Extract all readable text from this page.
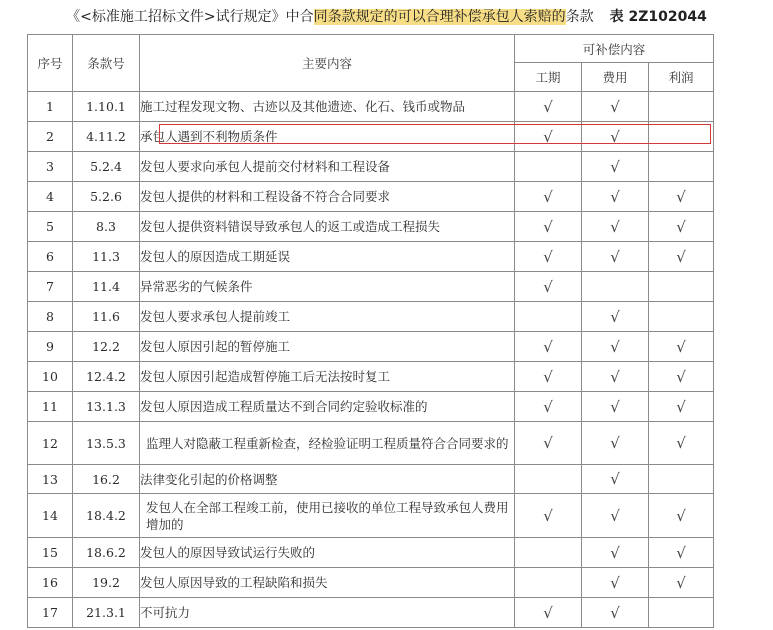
《<标准施工招标文件>试行规定》中合同条款规定的可以合理补偿承包人索赔的条款 表 2Z102044
序号	条款号	主要内容	可补偿内容		
			工期	费用	利润
1	1.10.1	施工过程发现文物、古迹以及其他遗迹、化石、钱币或物品	√	√	
2	4.11.2	承包人遇到不利物质条件	√	√	
3	5.2.4	发包人要求向承包人提前交付材料和工程设备		√	
4	5.2.6	发包人提供的材料和工程设备不符合合同要求	√	√	√
5	8.3	发包人提供资料错误导致承包人的返工或造成工程损失	√	√	√
6	11.3	发包人的原因造成工期延误	√	√	√
7	11.4	异常恶劣的气候条件	√		
8	11.6	发包人要求承包人提前竣工		√	
9	12.2	发包人原因引起的暂停施工	√	√	√
10	12.4.2	发包人原因引起造成暂停施工后无法按时复工	√	√	√
11	13.1.3	发包人原因造成工程质量达不到合同约定验收标准的	√	√	√
12	13.5.3	监理人对隐蔽工程重新检查，经检验证明工程质量符合合同要求的	√	√	√
13	16.2	法律变化引起的价格调整		√	
14	18.4.2	发包人在全部工程竣工前，使用已接收的单位工程导致承包人费用增加的	√	√	√
15	18.6.2	发包人的原因导致试运行失败的		√	√
16	19.2	发包人原因导致的工程缺陷和损失		√	√
17	21.3.1	不可抗力	√	√	
